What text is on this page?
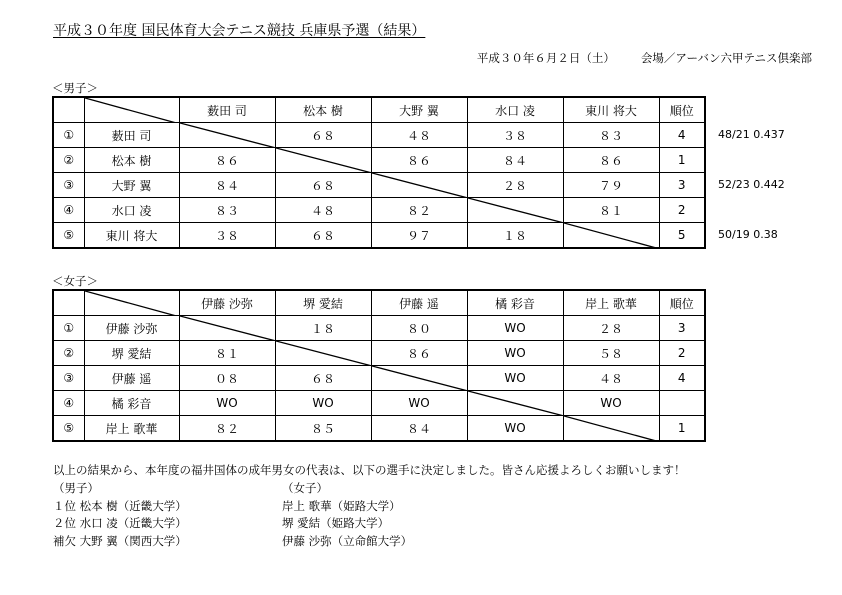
平成３０年度 国民体育大会テニス競技 兵庫県予選（結果）
平成３０年６月２日（土） 会場／アーバン六甲テニス倶楽部
＜男子＞

	薮田 司	松本 樹	大野 翼	水口 凌	東川 将大	順位
①	薮田 司		６８	４８	３８	８３	4
②	松本 樹	８６		８６	８４	８６	1
③	大野 翼	８４	６８		２８	７９	3
④	水口 凌	８３	４８	８２		８１	2
⑤	東川 将大	３８	６８	９７	１８		5
48/21 0.437
52/23 0.442
50/19 0.38
＜女子＞

	伊藤 沙弥	堺 愛結	伊藤 遥	橘 彩音	岸上 歌華	順位
①	伊藤 沙弥		１８	８０	WO	２８	3
②	堺 愛結	８１		８６	WO	５８	2
③	伊藤 遥	０８	６８		WO	４８	4
④	橘 彩音	WO	WO	WO		WO	
⑤	岸上 歌華	８２	８５	８４	WO		1
以上の結果から、本年度の福井国体の成年男女の代表は、以下の選手に決定しました。皆さん応援よろしくお願いします！
（男子）
１位 松本 樹（近畿大学）
２位 水口 凌（近畿大学）
補欠 大野 翼（関西大学）
（女子）
岸上 歌華（姫路大学）
堺 愛結（姫路大学）
伊藤 沙弥（立命館大学）
